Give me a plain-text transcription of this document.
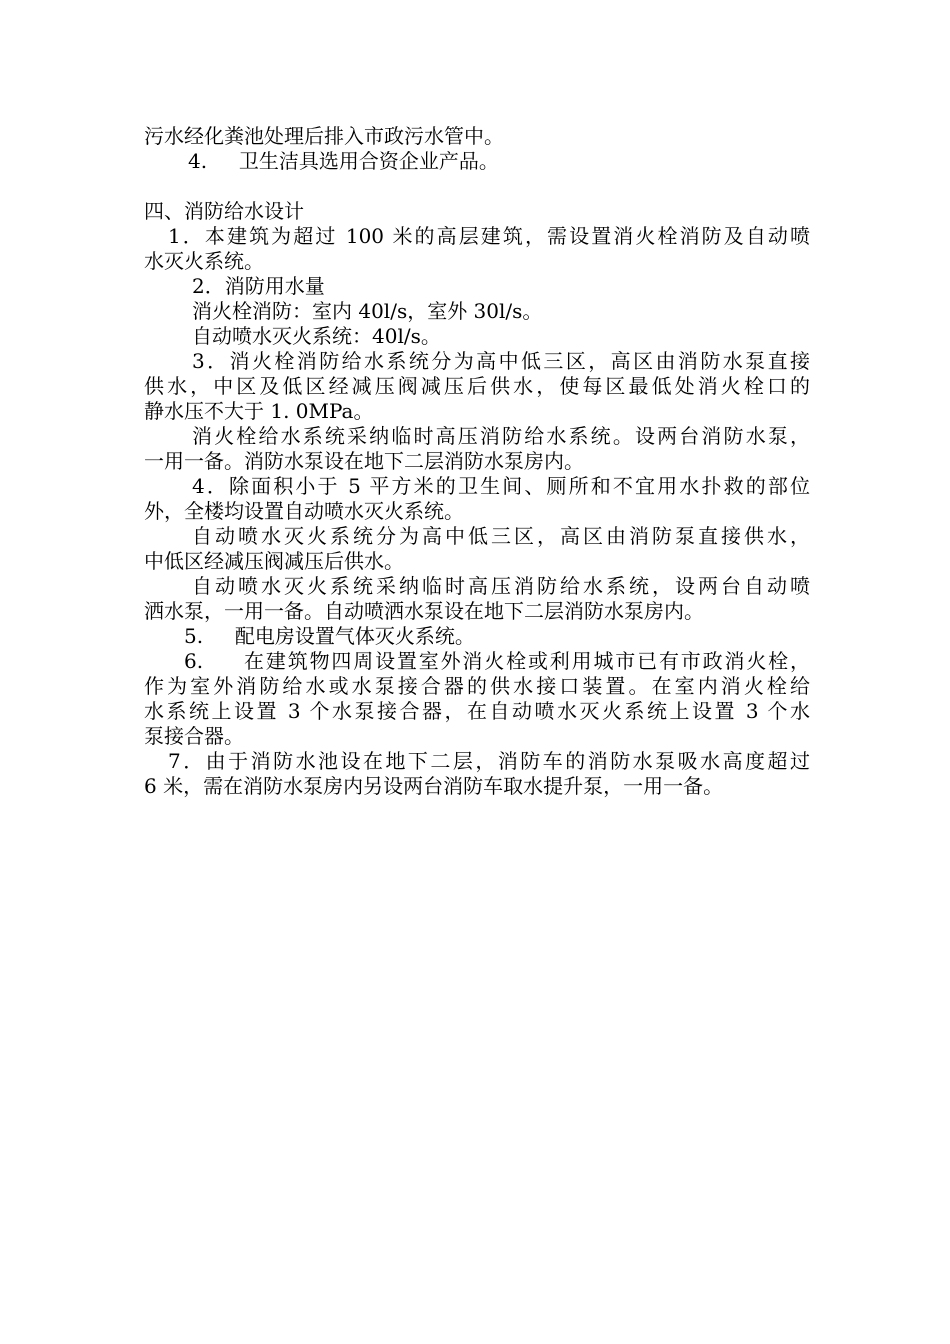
污水经化粪池处理后排入市政污水管中。
4.     卫生洁具选用合资企业产品。
四、消防给水设计
1．本建筑为超过 100 米的高层建筑，需设置消火栓消防及自动喷
水灭火系统。
2．消防用水量
消火栓消防：室内 40l/s，室外 30l/s。
自动喷水灭火系统：40l/s。
3．消火栓消防给水系统分为高中低三区，高区由消防水泵直接
供水，中区及低区经减压阀减压后供水，使每区最低处消火栓口的
静水压不大于 1. 0MPa。
消火栓给水系统采纳临时高压消防给水系统。设两台消防水泵，
一用一备。消防水泵设在地下二层消防水泵房内。
4．除面积小于 5 平方米的卫生间、厕所和不宜用水扑救的部位
外，全楼均设置自动喷水灭火系统。
自动喷水灭火系统分为高中低三区，高区由消防泵直接供水，
中低区经减压阀减压后供水。
自动喷水灭火系统采纳临时高压消防给水系统，设两台自动喷
洒水泵，一用一备。自动喷洒水泵设在地下二层消防水泵房内。
5.     配电房设置气体灭火系统。
6.     在建筑物四周设置室外消火栓或利用城市已有市政消火栓，
作为室外消防给水或水泵接合器的供水接口装置。在室内消火栓给
水系统上设置 3 个水泵接合器，在自动喷水灭火系统上设置 3 个水
泵接合器。
7．由于消防水池设在地下二层，消防车的消防水泵吸水高度超过
6 米，需在消防水泵房内另设两台消防车取水提升泵，一用一备。
